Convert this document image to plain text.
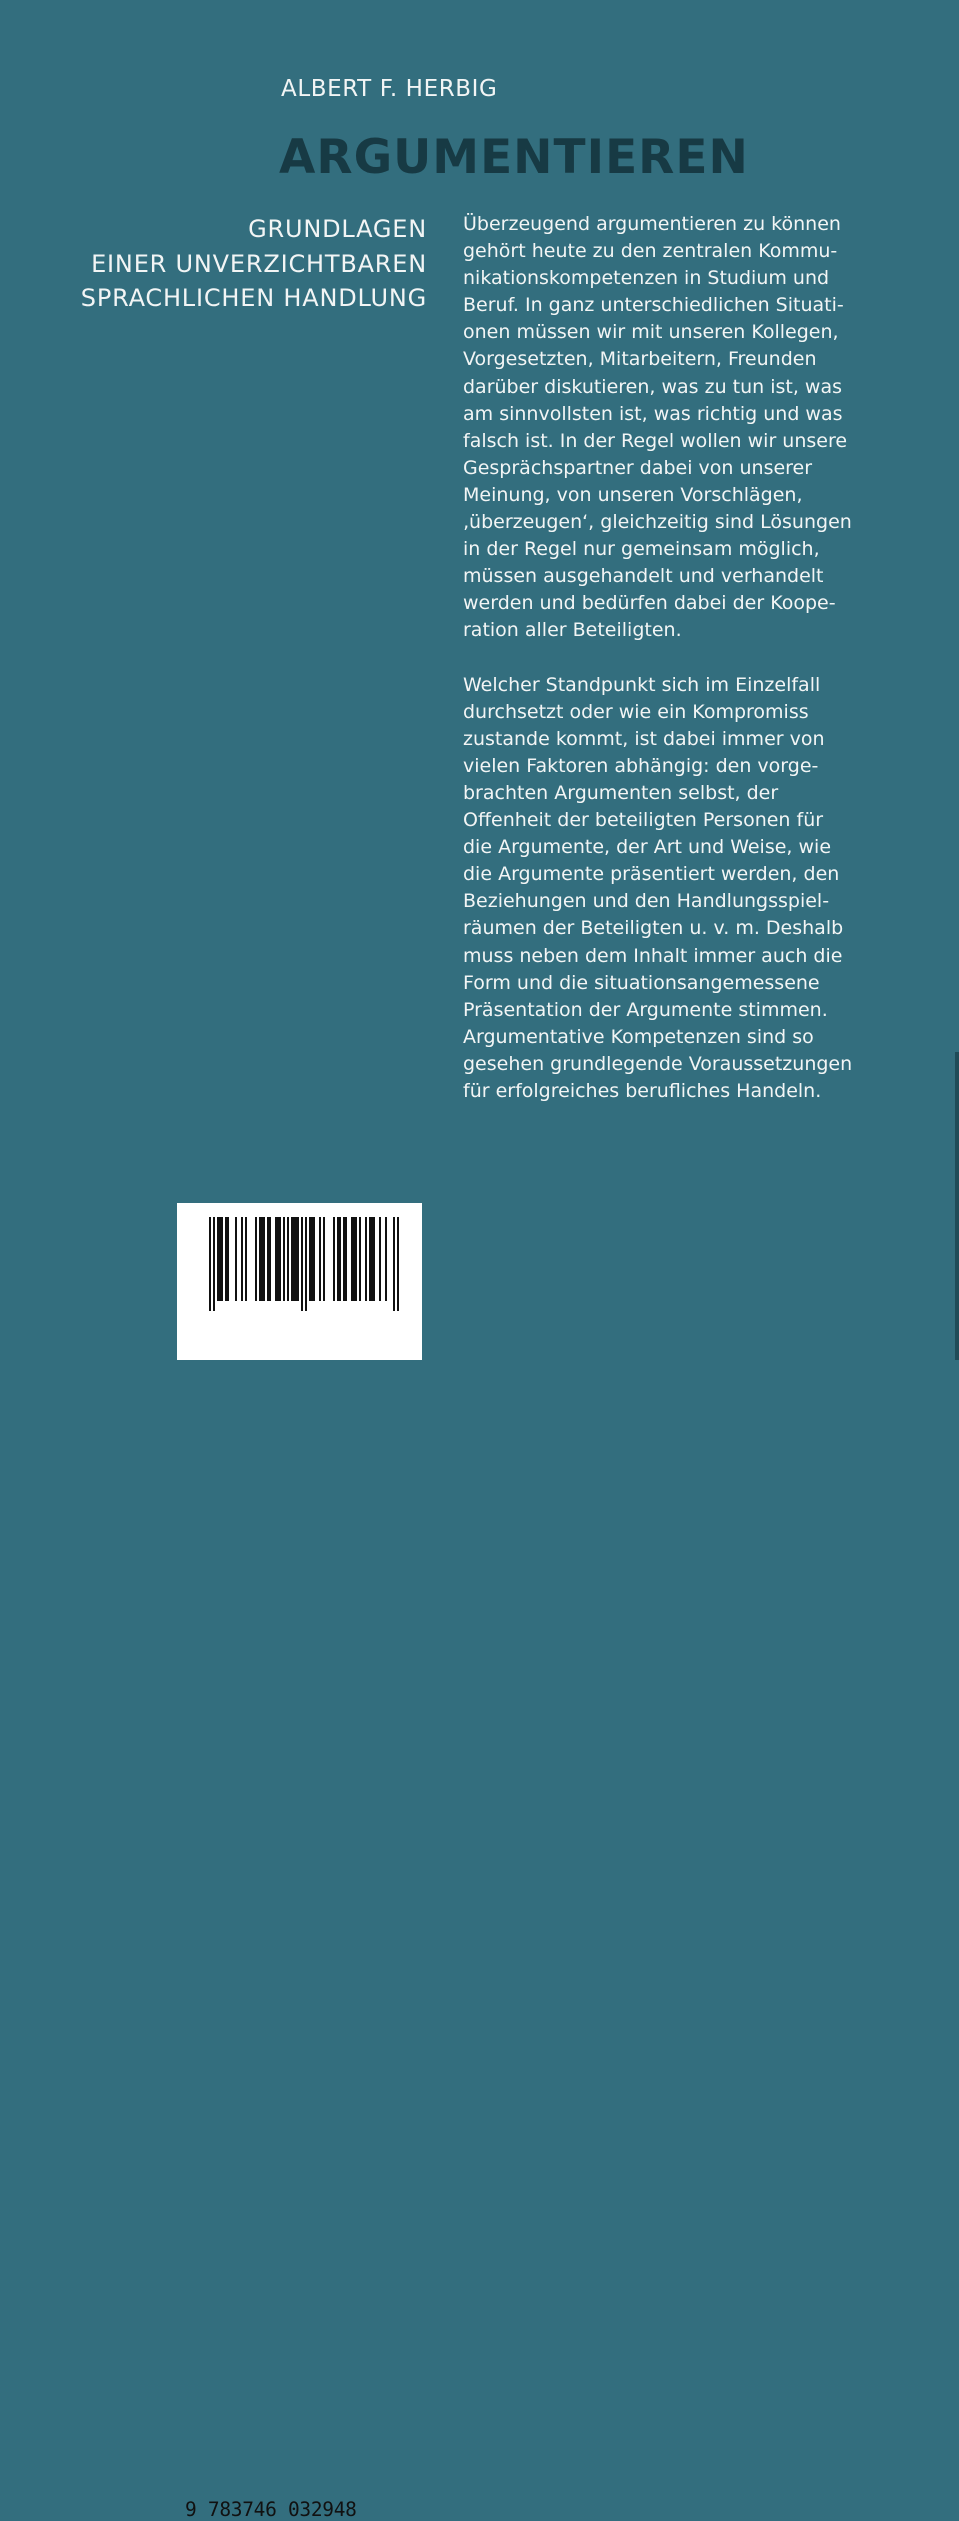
ALBERT F. HERBIG
ARGUMENTIEREN
GRUNDLAGEN
EINER UNVERZICHTBAREN
SPRACHLICHEN HANDLUNG
Überzeugend argumentieren zu können
gehört heute zu den zentralen Kommu-
nikationskompetenzen in Studium und
Beruf. In ganz unterschiedlichen Situati-
onen müssen wir mit unseren Kollegen,
Vorgesetzten, Mitarbeitern, Freunden
darüber diskutieren, was zu tun ist, was
am sinnvollsten ist, was richtig und was
falsch ist. In der Regel wollen wir unsere
Gesprächspartner dabei von unserer
Meinung, von unseren Vorschlägen,
‚überzeugen‘, gleichzeitig sind Lösungen
in der Regel nur gemeinsam möglich,
müssen ausgehandelt und verhandelt
werden und bedürfen dabei der Koope-
ration aller Beteiligten.
Welcher Standpunkt sich im Einzelfall
durchsetzt oder wie ein Kompromiss
zustande kommt, ist dabei immer von
vielen Faktoren abhängig: den vorge-
brachten Argumenten selbst, der
Offenheit der beteiligten Personen für
die Argumente, der Art und Weise, wie
die Argumente präsentiert werden, den
Beziehungen und den Handlungsspiel-
räumen der Beteiligten u. v. m. Deshalb
muss neben dem Inhalt immer auch die
Form und die situationsangemessene
Präsentation der Argumente stimmen.
Argumentative Kompetenzen sind so
gesehen grundlegende Voraussetzungen
für erfolgreiches berufliches Handeln.
9 783746 032948
